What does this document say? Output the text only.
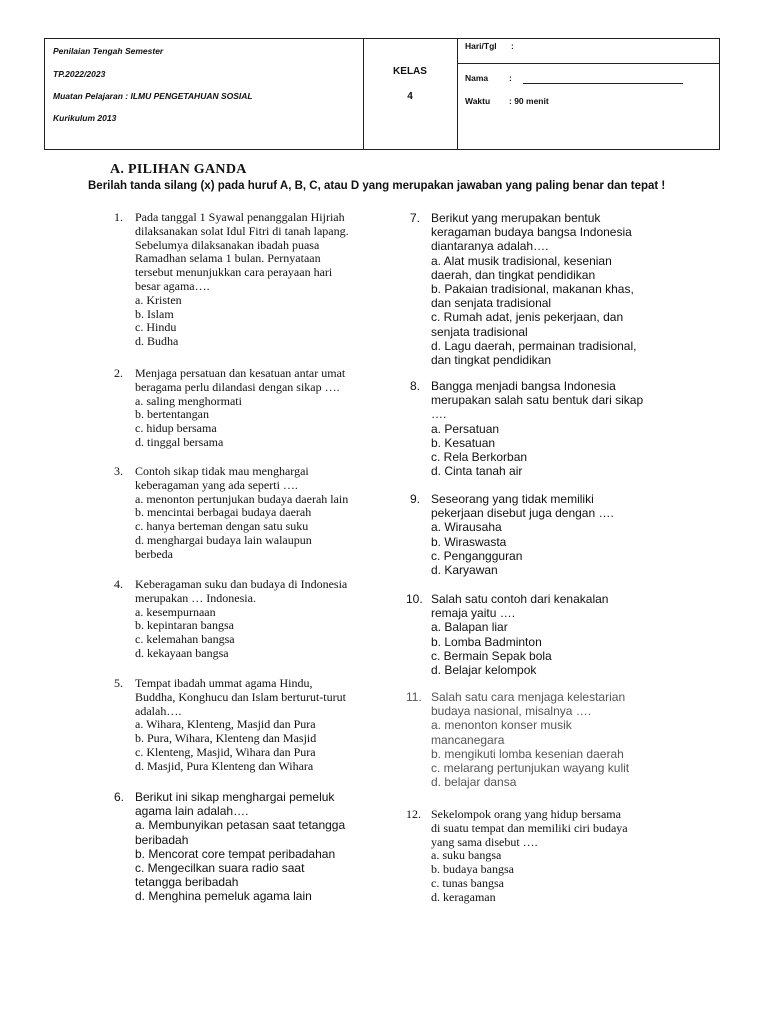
Penilaian Tengah Semester
TP.2022/2023
Muatan Pelajaran : ILMU PENGETAHUAN SOSIAL
Kurikulum 2013
KELAS
4
Hari/Tgl :
Nama :
Waktu : 90 menit
A. PILIHAN GANDA
Berilah tanda silang (x) pada huruf A, B, C, atau D yang merupakan jawaban yang paling benar dan tepat !
1. Pada tanggal 1 Syawal penanggalan Hijriah
dilaksanakan solat Idul Fitri di tanah lapang.
Sebelumya dilaksanakan ibadah puasa
Ramadhan selama 1 bulan. Pernyataan
tersebut menunjukkan cara perayaan hari
besar agama….
a. Kristen
b. Islam
c. Hindu
d. Budha
2. Menjaga persatuan dan kesatuan antar umat
beragama perlu dilandasi dengan sikap ….
a. saling menghormati
b. bertentangan
c. hidup bersama
d. tinggal bersama
3. Contoh sikap tidak mau menghargai
keberagaman yang ada seperti ….
a. menonton pertunjukan budaya daerah lain
b. mencintai berbagai budaya daerah
c. hanya berteman dengan satu suku
d. menghargai budaya lain walaupun
berbeda
4. Keberagaman suku dan budaya di Indonesia
merupakan … Indonesia.
a. kesempurnaan
b. kepintaran bangsa
c. kelemahan bangsa
d. kekayaan bangsa
5. Tempat ibadah ummat agama Hindu,
Buddha, Konghucu dan Islam berturut-turut
adalah….
a. Wihara, Klenteng, Masjid dan Pura
b. Pura, Wihara, Klenteng dan Masjid
c. Klenteng, Masjid, Wihara dan Pura
d. Masjid, Pura Klenteng dan Wihara
6. Berikut ini sikap menghargai pemeluk
agama lain adalah….
a. Membunyikan petasan saat tetangga
beribadah
b. Mencorat core tempat peribadahan
c. Mengecilkan suara radio saat
tetangga beribadah
d. Menghina pemeluk agama lain
7. Berikut yang merupakan bentuk
keragaman budaya bangsa Indonesia
diantaranya adalah….
a. Alat musik tradisional, kesenian
daerah, dan tingkat pendidikan
b. Pakaian tradisional, makanan khas,
dan senjata tradisional
c. Rumah adat, jenis pekerjaan, dan
senjata tradisional
d. Lagu daerah, permainan tradisional,
dan tingkat pendidikan
8. Bangga menjadi bangsa Indonesia
merupakan salah satu bentuk dari sikap
….
a. Persatuan
b. Kesatuan
c. Rela Berkorban
d. Cinta tanah air
9. Seseorang yang tidak memiliki
pekerjaan disebut juga dengan ….
a. Wirausaha
b. Wiraswasta
c. Pengangguran
d. Karyawan
10. Salah satu contoh dari kenakalan
remaja yaitu ….
a. Balapan liar
b. Lomba Badminton
c. Bermain Sepak bola
d. Belajar kelompok
11. Salah satu cara menjaga kelestarian
budaya nasional, misalnya ….
a. menonton konser musik
mancanegara
b. mengikuti lomba kesenian daerah
c. melarang pertunjukan wayang kulit
d. belajar dansa
12. Sekelompok orang yang hidup bersama
di suatu tempat dan memiliki ciri budaya
yang sama disebut ….
a. suku bangsa
b. budaya bangsa
c. tunas bangsa
d. keragaman
